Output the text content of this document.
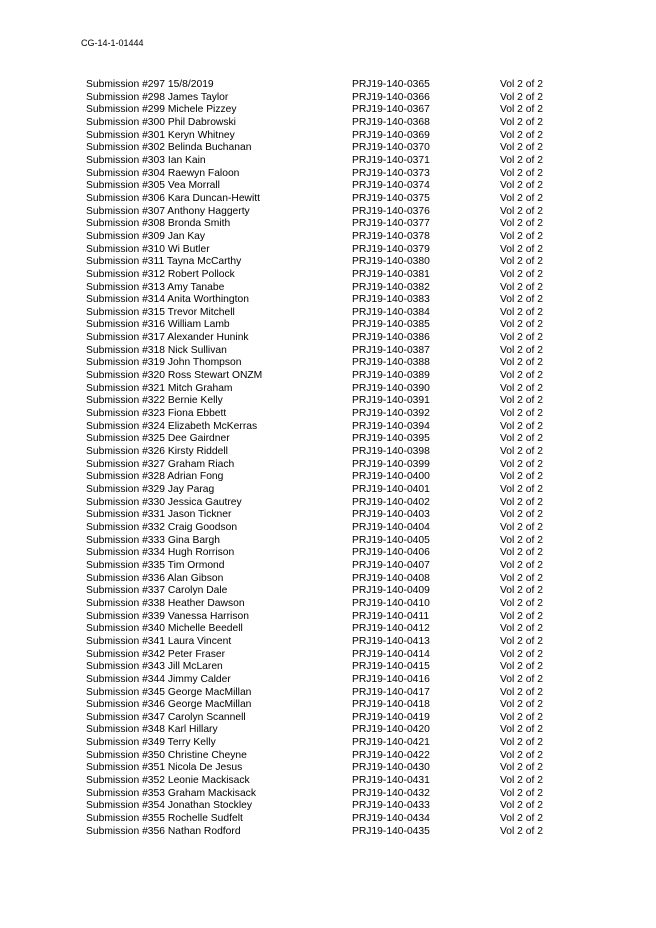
CG-14-1-01444
Submission #297 15/8/2019	PRJ19-140-0365	Vol 2 of 2
Submission #298 James Taylor	PRJ19-140-0366	Vol 2 of 2
Submission #299 Michele Pizzey	PRJ19-140-0367	Vol 2 of 2
Submission #300 Phil Dabrowski	PRJ19-140-0368	Vol 2 of 2
Submission #301 Keryn Whitney	PRJ19-140-0369	Vol 2 of 2
Submission #302 Belinda Buchanan	PRJ19-140-0370	Vol 2 of 2
Submission #303 Ian Kain	PRJ19-140-0371	Vol 2 of 2
Submission #304 Raewyn Faloon	PRJ19-140-0373	Vol 2 of 2
Submission #305 Vea Morrall	PRJ19-140-0374	Vol 2 of 2
Submission #306 Kara Duncan-Hewitt	PRJ19-140-0375	Vol 2 of 2
Submission #307 Anthony Haggerty	PRJ19-140-0376	Vol 2 of 2
Submission #308 Bronda Smith	PRJ19-140-0377	Vol 2 of 2
Submission #309 Jan Kay	PRJ19-140-0378	Vol 2 of 2
Submission #310 Wi Butler	PRJ19-140-0379	Vol 2 of 2
Submission #311 Tayna McCarthy	PRJ19-140-0380	Vol 2 of 2
Submission #312 Robert Pollock	PRJ19-140-0381	Vol 2 of 2
Submission #313 Amy Tanabe	PRJ19-140-0382	Vol 2 of 2
Submission #314 Anita Worthington	PRJ19-140-0383	Vol 2 of 2
Submission #315 Trevor Mitchell	PRJ19-140-0384	Vol 2 of 2
Submission #316 William Lamb	PRJ19-140-0385	Vol 2 of 2
Submission #317 Alexander Hunink	PRJ19-140-0386	Vol 2 of 2
Submission #318 Nick Sullivan	PRJ19-140-0387	Vol 2 of 2
Submission #319 John Thompson	PRJ19-140-0388	Vol 2 of 2
Submission #320 Ross Stewart ONZM	PRJ19-140-0389	Vol 2 of 2
Submission #321 Mitch Graham	PRJ19-140-0390	Vol 2 of 2
Submission #322 Bernie Kelly	PRJ19-140-0391	Vol 2 of 2
Submission #323 Fiona Ebbett	PRJ19-140-0392	Vol 2 of 2
Submission #324 Elizabeth McKerras	PRJ19-140-0394	Vol 2 of 2
Submission #325 Dee Gairdner	PRJ19-140-0395	Vol 2 of 2
Submission #326 Kirsty Riddell	PRJ19-140-0398	Vol 2 of 2
Submission #327 Graham Riach	PRJ19-140-0399	Vol 2 of 2
Submission #328 Adrian Fong	PRJ19-140-0400	Vol 2 of 2
Submission #329 Jay Parag	PRJ19-140-0401	Vol 2 of 2
Submission #330 Jessica Gautrey	PRJ19-140-0402	Vol 2 of 2
Submission #331 Jason Tickner	PRJ19-140-0403	Vol 2 of 2
Submission #332 Craig Goodson	PRJ19-140-0404	Vol 2 of 2
Submission #333 Gina Bargh	PRJ19-140-0405	Vol 2 of 2
Submission #334 Hugh Rorrison	PRJ19-140-0406	Vol 2 of 2
Submission #335 Tim Ormond	PRJ19-140-0407	Vol 2 of 2
Submission #336 Alan Gibson	PRJ19-140-0408	Vol 2 of 2
Submission #337 Carolyn Dale	PRJ19-140-0409	Vol 2 of 2
Submission #338 Heather Dawson	PRJ19-140-0410	Vol 2 of 2
Submission #339 Vanessa Harrison	PRJ19-140-0411	Vol 2 of 2
Submission #340 Michelle Beedell	PRJ19-140-0412	Vol 2 of 2
Submission #341 Laura Vincent	PRJ19-140-0413	Vol 2 of 2
Submission #342 Peter Fraser	PRJ19-140-0414	Vol 2 of 2
Submission #343 Jill McLaren	PRJ19-140-0415	Vol 2 of 2
Submission #344 Jimmy Calder	PRJ19-140-0416	Vol 2 of 2
Submission #345 George MacMillan	PRJ19-140-0417	Vol 2 of 2
Submission #346 George MacMillan	PRJ19-140-0418	Vol 2 of 2
Submission #347 Carolyn Scannell	PRJ19-140-0419	Vol 2 of 2
Submission #348 Karl Hillary	PRJ19-140-0420	Vol 2 of 2
Submission #349 Terry Kelly	PRJ19-140-0421	Vol 2 of 2
Submission #350 Christine Cheyne	PRJ19-140-0422	Vol 2 of 2
Submission #351 Nicola De Jesus	PRJ19-140-0430	Vol 2 of 2
Submission #352 Leonie Mackisack	PRJ19-140-0431	Vol 2 of 2
Submission #353 Graham Mackisack	PRJ19-140-0432	Vol 2 of 2
Submission #354 Jonathan Stockley	PRJ19-140-0433	Vol 2 of 2
Submission #355 Rochelle Sudfelt	PRJ19-140-0434	Vol 2 of 2
Submission #356 Nathan Rodford	PRJ19-140-0435	Vol 2 of 2
